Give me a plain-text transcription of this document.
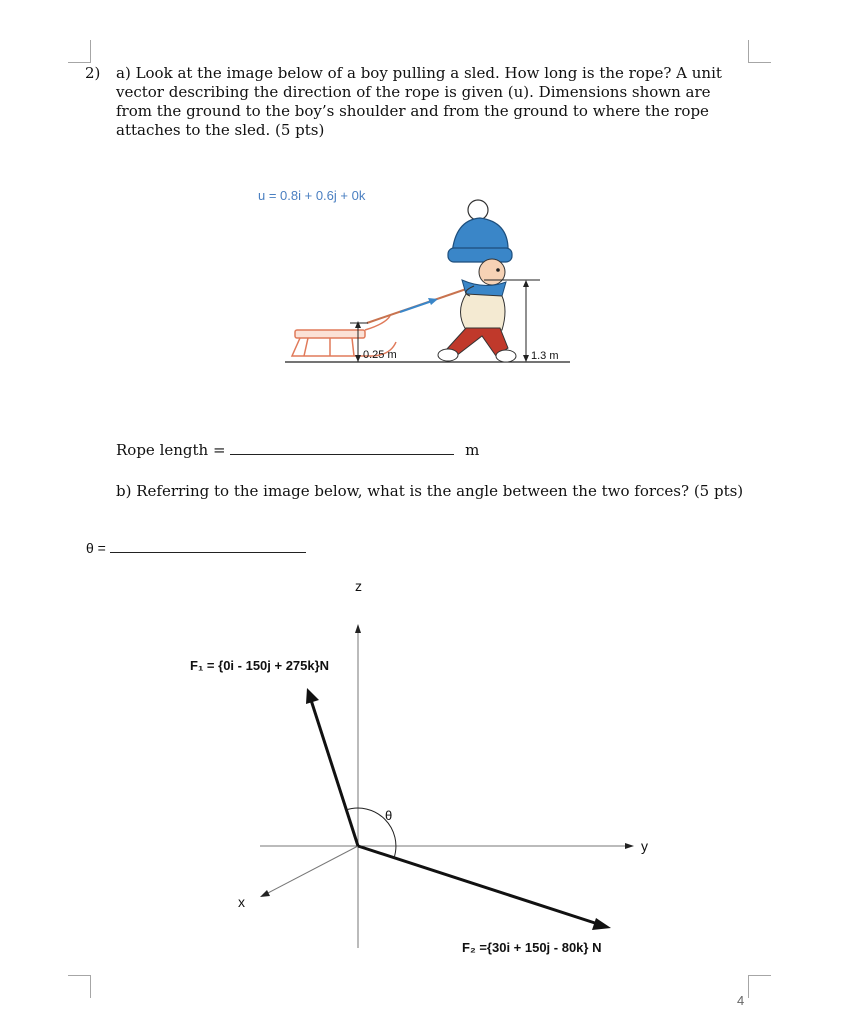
2) a) Look at the image below of a boy pulling a sled. How long is the rope? A unit vector describing the direction of the rope is given (u). Dimensions shown are from the ground to the boy’s shoulder and from the ground to where the rope attaches to the sled. (5 pts)
u = 0.8i + 0.6j + 0k
0.25 m	1.3 m
Rope length =	m
b) Referring to the image below, what is the angle between the two forces? (5 pts)
θ =
z
y
x
θ
F₁ = {0i - 150j + 275k}N
F₂ ={30i + 150j - 80k} N
4
